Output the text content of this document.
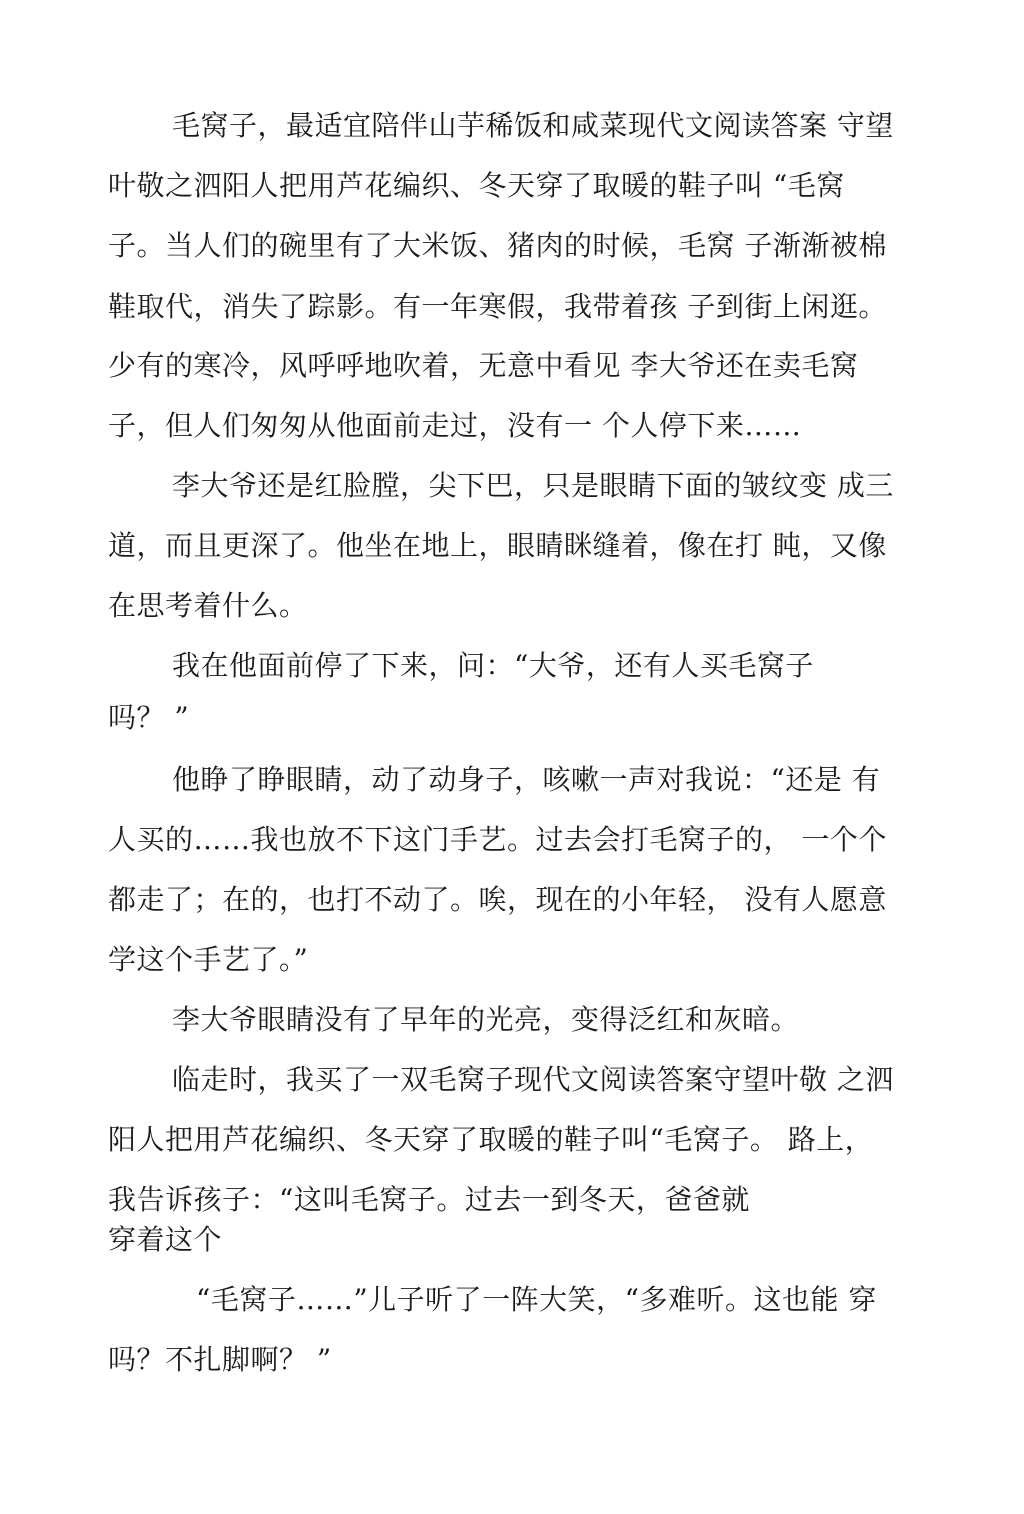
毛窝子，最适宜陪伴山芋稀饭和咸菜现代文阅读答案 守望

叶敬之泗阳人把用芦花编织、冬天穿了取暖的鞋子叫 “毛窝

子。当人们的碗里有了大米饭、猪肉的时候，毛窝 子渐渐被棉

鞋取代，消失了踪影。有一年寒假，我带着孩 子到街上闲逛。

少有的寒冷，风呼呼地吹着，无意中看见 李大爷还在卖毛窝

子，但人们匆匆从他面前走过，没有一 个人停下来……

李大爷还是红脸膛，尖下巴，只是眼睛下面的皱纹变 成三

道，而且更深了。他坐在地上，眼睛眯缝着，像在打 盹，又像

在思考着什么。

我在他面前停了下来，问：“大爷，还有人买毛窝子

吗？ ”

他睁了睁眼睛，动了动身子，咳嗽一声对我说：“还是 有

人买的……我也放不下这门手艺。过去会打毛窝子的， 一个个

都走了；在的，也打不动了。唉，现在的小年轻， 没有人愿意

学这个手艺了。”

李大爷眼睛没有了早年的光亮，变得泛红和灰暗。

临走时，我买了一双毛窝子现代文阅读答案守望叶敬 之泗

阳人把用芦花编织、冬天穿了取暖的鞋子叫“毛窝子。 路上，

我告诉孩子：“这叫毛窝子。过去一到冬天，爸爸就

穿着这个

“毛窝子……”儿子听了一阵大笑，“多难听。这也能 穿

吗？不扎脚啊？ ”
